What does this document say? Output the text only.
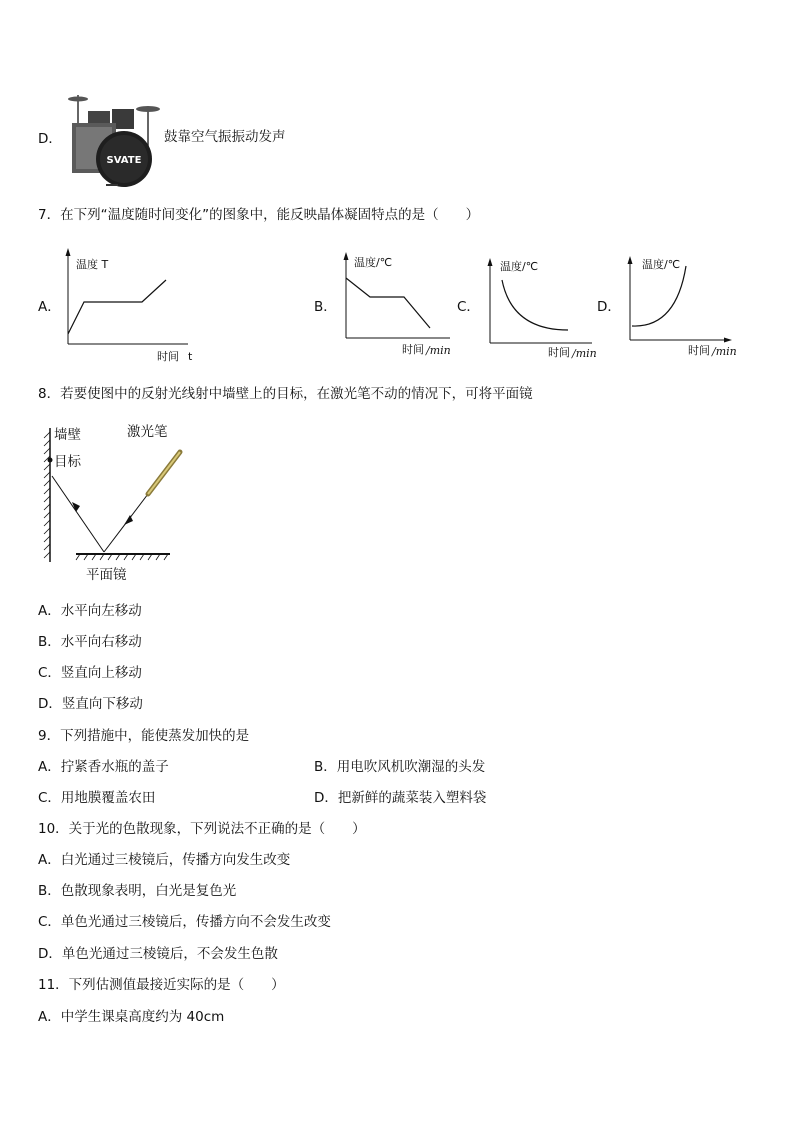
SVATE
D．	鼓靠空气振振动发声
7．在下列“温度随时间变化”的图象中，能反映晶体凝固特点的是（　　）
A．
温度 T
时间 t
B．
温度/℃
时间 /min
C．
温度/℃
时间 /min
D．
温度/℃
时间 /min
8．若要使图中的反射光线射中墙壁上的目标，在激光笔不动的情况下，可将平面镜
墙壁
目标
激光笔
平面镜
A．水平向左移动
B．水平向右移动
C．竖直向上移动
D．竖直向下移动
9．下列措施中，能使蒸发加快的是
A．拧紧香水瓶的盖子	B．用电吹风机吹潮湿的头发
C．用地膜覆盖农田	D．把新鲜的蔬菜装入塑料袋
10．关于光的色散现象，下列说法不正确的是（　　）
A．白光通过三棱镜后，传播方向发生改变
B．色散现象表明，白光是复色光
C．单色光通过三棱镜后，传播方向不会发生改变
D．单色光通过三棱镜后，不会发生色散
11．下列估测值最接近实际的是（　　）
A．中学生课桌高度约为 40cm
